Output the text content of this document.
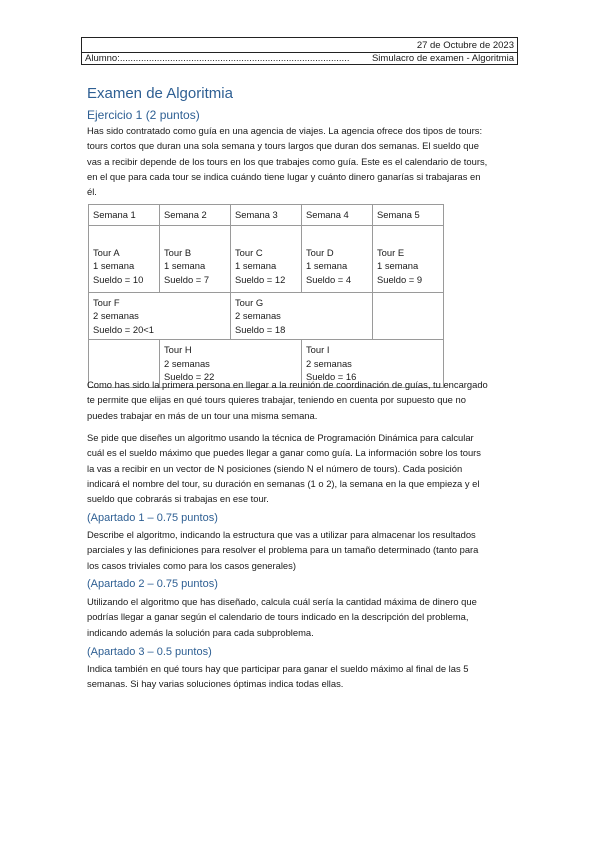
27 de Octubre de 2023
Alumno:....................................................................................... Simulacro de examen - Algoritmia
Examen de Algoritmia
Ejercicio 1 (2 puntos)

Has sido contratado como guía en una agencia de viajes. La agencia ofrece dos tipos de tours:
tours cortos que duran una sola semana y tours largos que duran dos semanas. El sueldo que
vas a recibir depende de los tours en los que trabajes como guía. Este es el calendario de tours,
en el que para cada tour se indica cuándo tiene lugar y cuánto dinero ganarías si trabajaras en
él.

Semana 1	Semana 2	Semana 3	Semana 4	Semana 5

Tour A
1 semana
Sueldo = 10	Tour B
1 semana
Sueldo = 7	Tour C
1 semana
Sueldo = 12	Tour D
1 semana
Sueldo = 4	Tour E
1 semana
Sueldo = 9

Tour F
2 semanas
Sueldo = 20<1		Tour G
2 semanas
Sueldo = 18		

	Tour H
2 semanas
Sueldo = 22		Tour I
2 semanas
Sueldo = 16	

Como has sido la primera persona en llegar a la reunión de coordinación de guías, tu encargado
te permite que elijas en qué tours quieres trabajar, teniendo en cuenta por supuesto que no
puedes trabajar en más de un tour una misma semana.

Se pide que diseñes un algoritmo usando la técnica de Programación Dinámica para calcular
cuál es el sueldo máximo que puedes llegar a ganar como guía. La información sobre los tours
la vas a recibir en un vector de N posiciones (siendo N el número de tours). Cada posición
indicará el nombre del tour, su duración en semanas (1 o 2), la semana en la que empieza y el
sueldo que cobrarás si trabajas en ese tour.

(Apartado 1 – 0.75 puntos)

Describe el algoritmo, indicando la estructura que vas a utilizar para almacenar los resultados
parciales y las definiciones para resolver el problema para un tamaño determinado (tanto para
los casos triviales como para los casos generales)

(Apartado 2 – 0.75 puntos)

Utilizando el algoritmo que has diseñado, calcula cuál sería la cantidad máxima de dinero que
podrías llegar a ganar según el calendario de tours indicado en la descripción del problema,
indicando además la solución para cada subproblema.

(Apartado 3 – 0.5 puntos)

Indica también en qué tours hay que participar para ganar el sueldo máximo al final de las 5
semanas. Si hay varias soluciones óptimas indica todas ellas.
